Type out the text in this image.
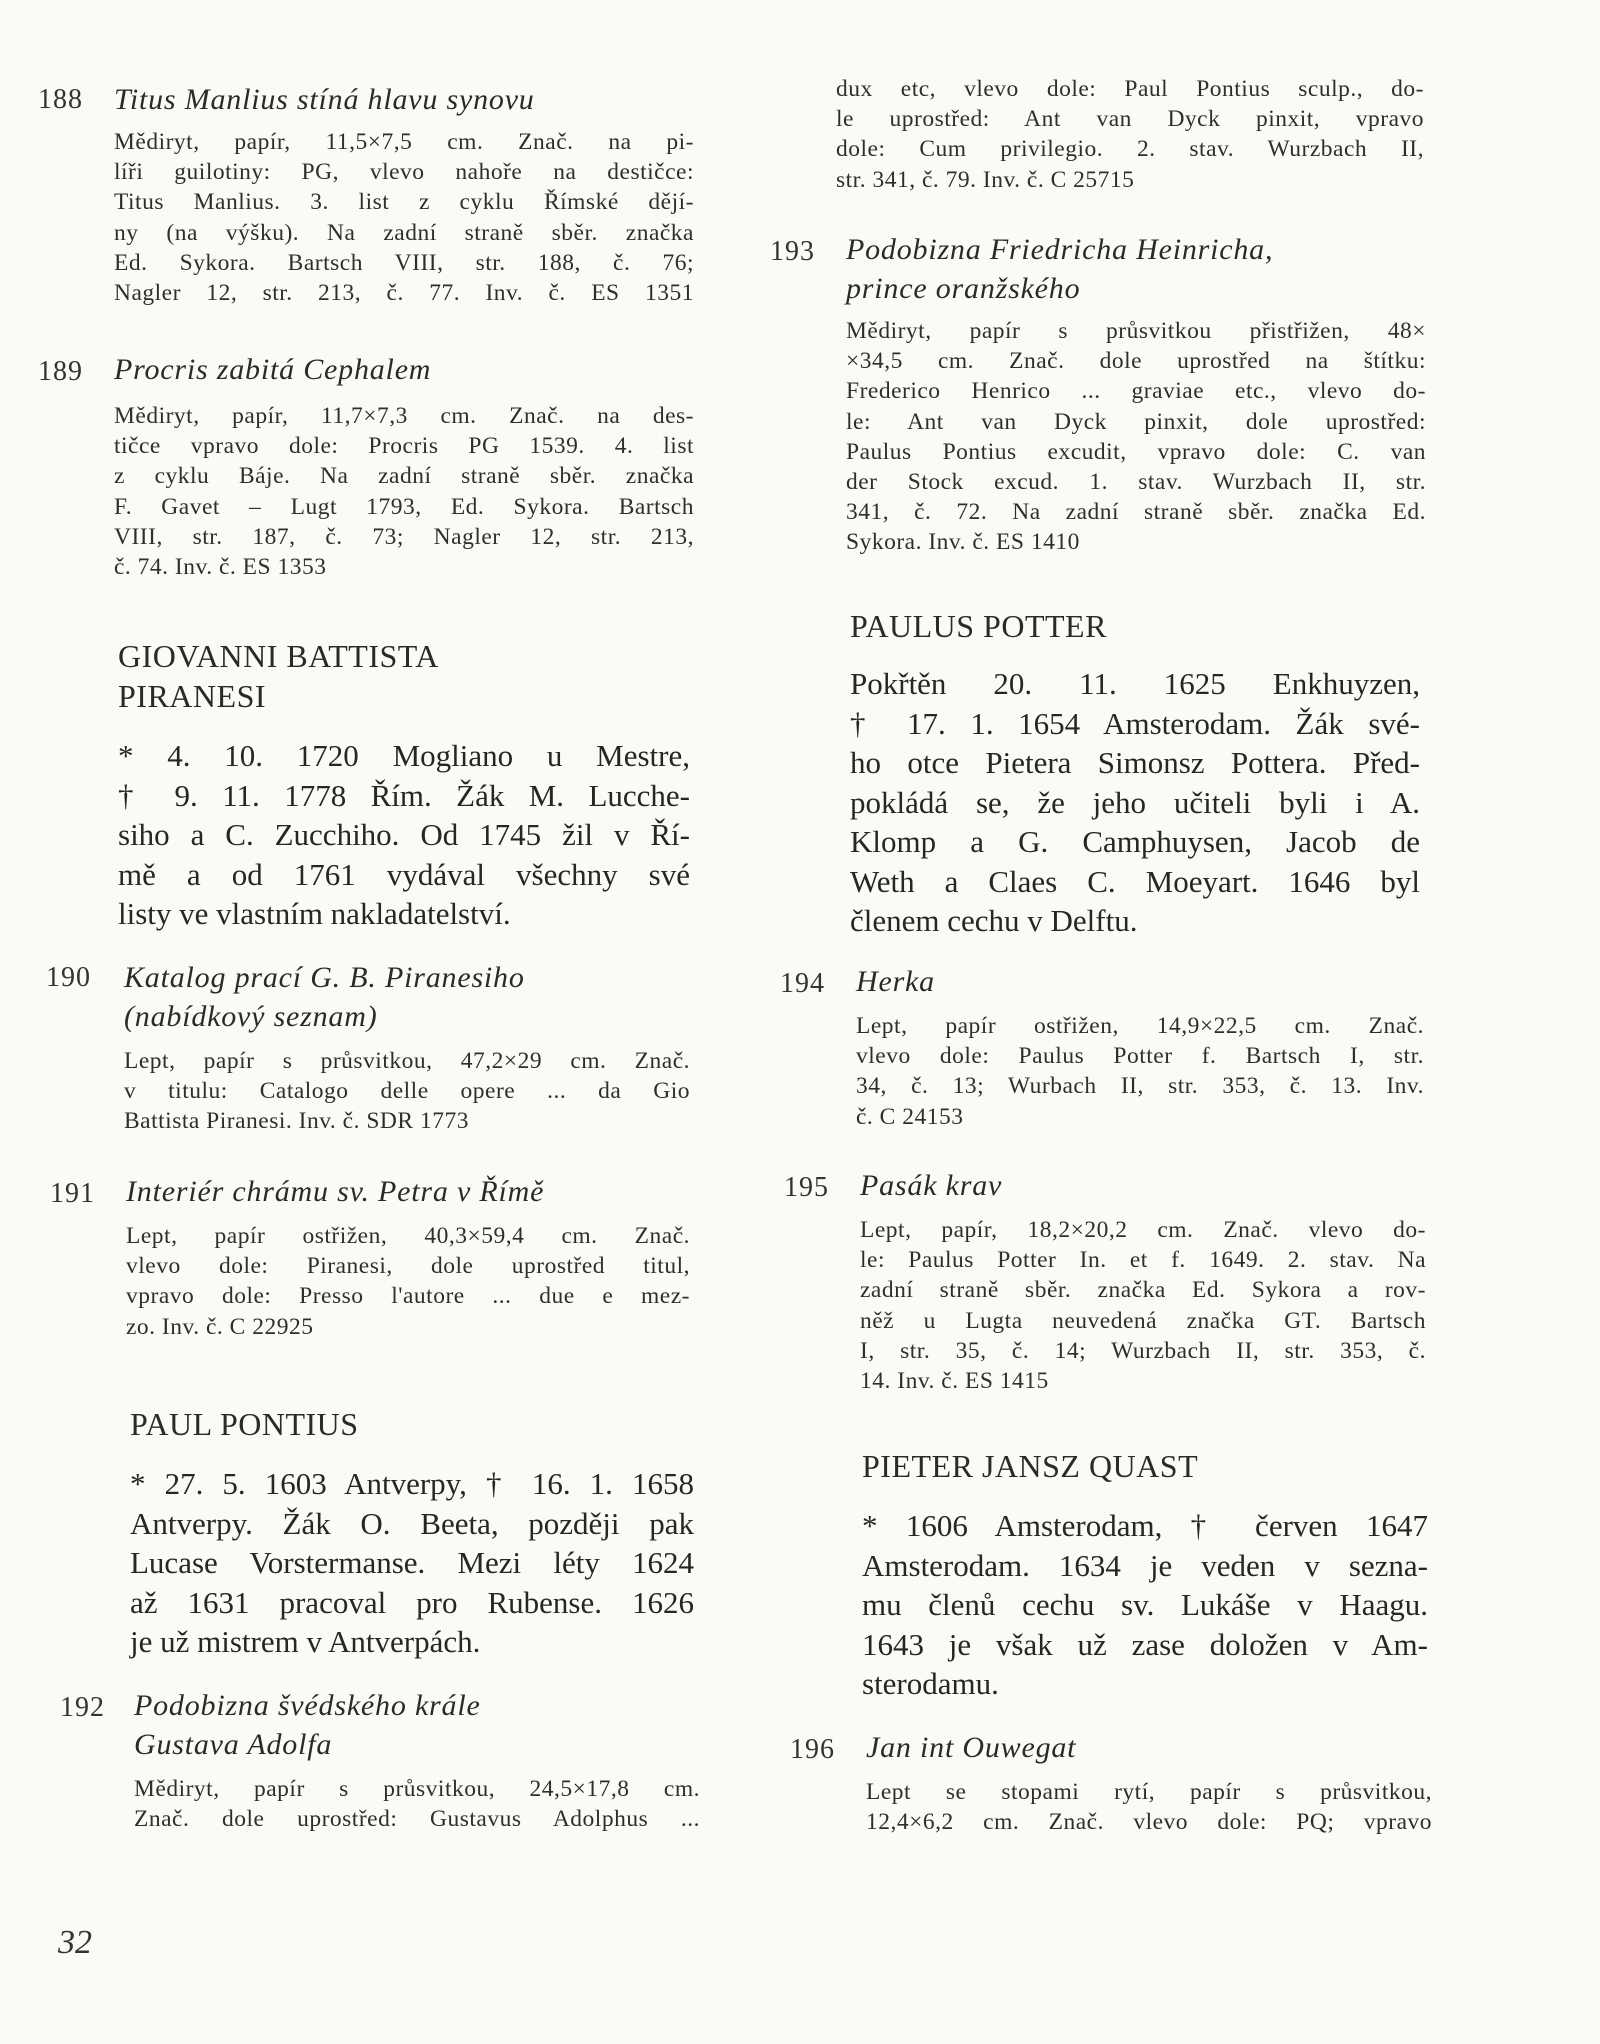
188 Titus Manlius stíná hlavu synovu
Mědiryt, papír, 11,5×7,5 cm. Znač. na pi-
líři guilotiny: PG, vlevo nahoře na destičce:
Titus Manlius. 3. list z cyklu Římské dějí-
ny (na výšku). Na zadní straně sběr. značka
Ed. Sykora. Bartsch VIII, str. 188, č. 76;
Nagler 12, str. 213, č. 77. Inv. č. ES 1351
189 Procris zabitá Cephalem
Mědiryt, papír, 11,7×7,3 cm. Znač. na des-
tičce vpravo dole: Procris PG 1539. 4. list
z cyklu Báje. Na zadní straně sběr. značka
F. Gavet – Lugt 1793, Ed. Sykora. Bartsch
VIII, str. 187, č. 73; Nagler 12, str. 213,
č. 74. Inv. č. ES 1353
GIOVANNI BATTISTA
PIRANESI
* 4. 10. 1720 Mogliano u Mestre,
† 9. 11. 1778 Řím. Žák M. Lucche-
siho a C. Zucchiho. Od 1745 žil v Ří-
mě a od 1761 vydával všechny své
listy ve vlastním nakladatelství.
190 Katalog prací G. B. Piranesiho
(nabídkový seznam)
Lept, papír s průsvitkou, 47,2×29 cm. Znač.
v titulu: Catalogo delle opere ... da Gio
Battista Piranesi. Inv. č. SDR 1773
191 Interiér chrámu sv. Petra v Římě
Lept, papír ostřižen, 40,3×59,4 cm. Znač.
vlevo dole: Piranesi, dole uprostřed titul,
vpravo dole: Presso l'autore ... due e mez-
zo. Inv. č. C 22925
PAUL PONTIUS
* 27. 5. 1603 Antverpy, † 16. 1. 1658
Antverpy. Žák O. Beeta, později pak
Lucase Vorstermanse. Mezi léty 1624
až 1631 pracoval pro Rubense. 1626
je už mistrem v Antverpách.
192 Podobizna švédského krále
Gustava Adolfa
Mědiryt, papír s průsvitkou, 24,5×17,8 cm.
Znač. dole uprostřed: Gustavus Adolphus ...
32
dux etc, vlevo dole: Paul Pontius sculp., do-
le uprostřed: Ant van Dyck pinxit, vpravo
dole: Cum privilegio. 2. stav. Wurzbach II,
str. 341, č. 79. Inv. č. C 25715
193 Podobizna Friedricha Heinricha,
prince oranžského
Mědiryt, papír s průsvitkou přistřižen, 48×
×34,5 cm. Znač. dole uprostřed na štítku:
Frederico Henrico ... graviae etc., vlevo do-
le: Ant van Dyck pinxit, dole uprostřed:
Paulus Pontius excudit, vpravo dole: C. van
der Stock excud. 1. stav. Wurzbach II, str.
341, č. 72. Na zadní straně sběr. značka Ed.
Sykora. Inv. č. ES 1410
PAULUS POTTER
Pokřtěn 20. 11. 1625 Enkhuyzen,
† 17. 1. 1654 Amsterodam. Žák své-
ho otce Pietera Simonsz Pottera. Před-
pokládá se, že jeho učiteli byli i A.
Klomp a G. Camphuysen, Jacob de
Weth a Claes C. Moeyart. 1646 byl
členem cechu v Delftu.
194 Herka
Lept, papír ostřižen, 14,9×22,5 cm. Znač.
vlevo dole: Paulus Potter f. Bartsch I, str.
34, č. 13; Wurbach II, str. 353, č. 13. Inv.
č. C 24153
195 Pasák krav
Lept, papír, 18,2×20,2 cm. Znač. vlevo do-
le: Paulus Potter In. et f. 1649. 2. stav. Na
zadní straně sběr. značka Ed. Sykora a rov-
něž u Lugta neuvedená značka GT. Bartsch
I, str. 35, č. 14; Wurzbach II, str. 353, č.
14. Inv. č. ES 1415
PIETER JANSZ QUAST
* 1606 Amsterodam, † červen 1647
Amsterodam. 1634 je veden v sezna-
mu členů cechu sv. Lukáše v Haagu.
1643 je však už zase doložen v Am-
sterodamu.
196 Jan int Ouwegat
Lept se stopami rytí, papír s průsvitkou,
12,4×6,2 cm. Znač. vlevo dole: PQ; vpravo
